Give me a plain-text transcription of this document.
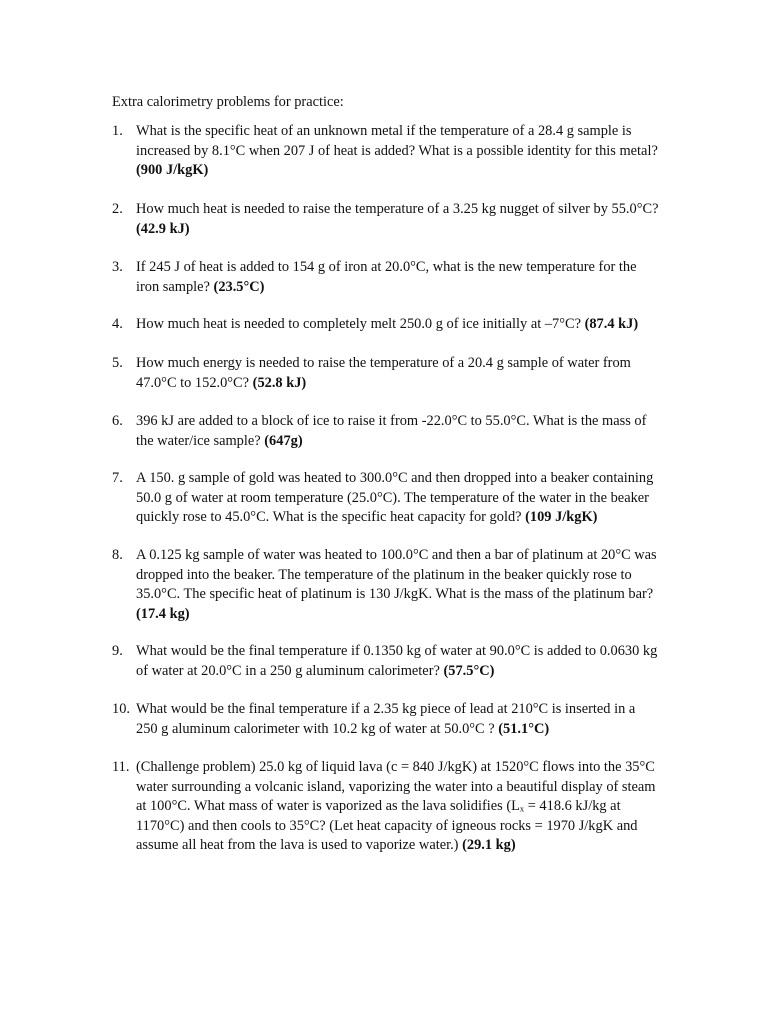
Extra calorimetry problems for practice:
1. What is the specific heat of an unknown metal if the temperature of a 28.4 g sample is
increased by 8.1°C when 207 J of heat is added? What is a possible identity for this metal?
(900 J/kgK)
2. How much heat is needed to raise the temperature of a 3.25 kg nugget of silver by 55.0°C?
(42.9 kJ)
3. If 245 J of heat is added to 154 g of iron at 20.0°C, what is the new temperature for the
iron sample? (23.5°C)
4. How much heat is needed to completely melt 250.0 g of ice initially at –7°C? (87.4 kJ)
5. How much energy is needed to raise the temperature of a 20.4 g sample of water from
47.0°C to 152.0°C? (52.8 kJ)
6. 396 kJ are added to a block of ice to raise it from -22.0°C to 55.0°C. What is the mass of
the water/ice sample? (647g)
7. A 150. g sample of gold was heated to 300.0°C and then dropped into a beaker containing
50.0 g of water at room temperature (25.0°C). The temperature of the water in the beaker
quickly rose to 45.0°C. What is the specific heat capacity for gold? (109 J/kgK)
8. A 0.125 kg sample of water was heated to 100.0°C and then a bar of platinum at 20°C was
dropped into the beaker. The temperature of the platinum in the beaker quickly rose to
35.0°C. The specific heat of platinum is 130 J/kgK. What is the mass of the platinum bar?
(17.4 kg)
9. What would be the final temperature if 0.1350 kg of water at 90.0°C is added to 0.0630 kg
of water at 20.0°C in a 250 g aluminum calorimeter? (57.5°C)
10. What would be the final temperature if a 2.35 kg piece of lead at 210°C is inserted in a
250 g aluminum calorimeter with 10.2 kg of water at 50.0°C ? (51.1°C)
11. (Challenge problem) 25.0 kg of liquid lava (c = 840 J/kgK) at 1520°C flows into the 35°C
water surrounding a volcanic island, vaporizing the water into a beautiful display of steam
at 100°C. What mass of water is vaporized as the lava solidifies (Lₓ = 418.6 kJ/kg at
1170°C) and then cools to 35°C? (Let heat capacity of igneous rocks = 1970 J/kgK and
assume all heat from the lava is used to vaporize water.) (29.1 kg)
